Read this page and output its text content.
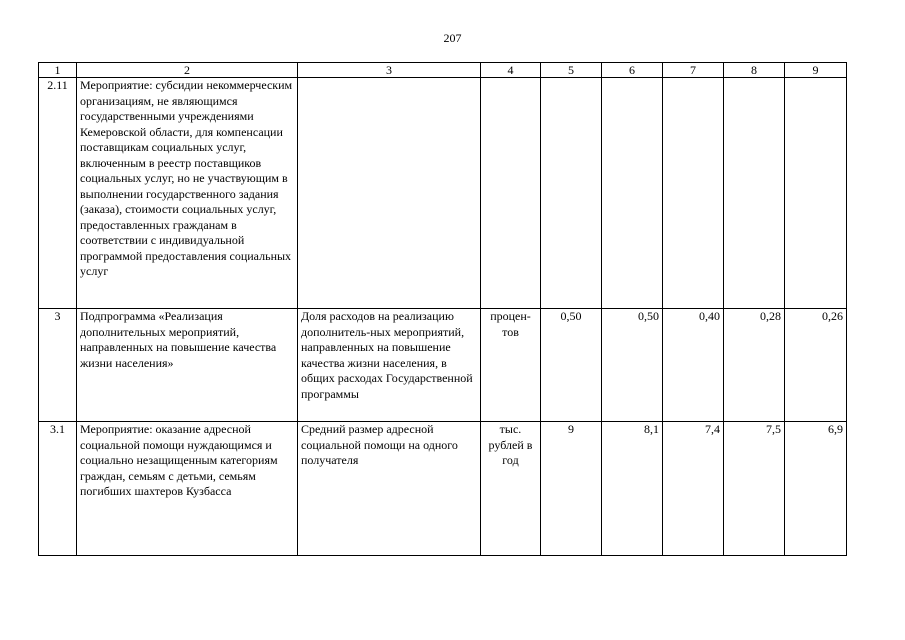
207
1	2	3	4	5	6	7	8	9
2.11	Мероприятие: субсидии некоммерческим организациям, не являющимся государственными учреждениями Кемеровской области, для компенсации поставщикам социальных услуг, включенным в реестр поставщиков социальных услуг, но не участвующим в выполнении государственного задания (заказа), стоимости социальных услуг, предоставленных гражданам в соответствии с индивидуальной программой предоставления социальных услуг							
3	Подпрограмма «Реализация дополнительных мероприятий, направленных на повышение качества жизни населения»	Доля расходов на реализацию дополнитель-ных мероприятий, направленных на повышение качества жизни населения, в общих расходах Государственной программы	процен-тов	0,50	0,50	0,40	0,28	0,26
3.1	Мероприятие: оказание адресной социальной помощи нуждающимся и социально незащищенным категориям граждан, семьям с детьми, семьям погибших шахтеров Кузбасса	Средний размер адресной социальной помощи на одного получателя	тыс. рублей в год	9	8,1	7,4	7,5	6,9
